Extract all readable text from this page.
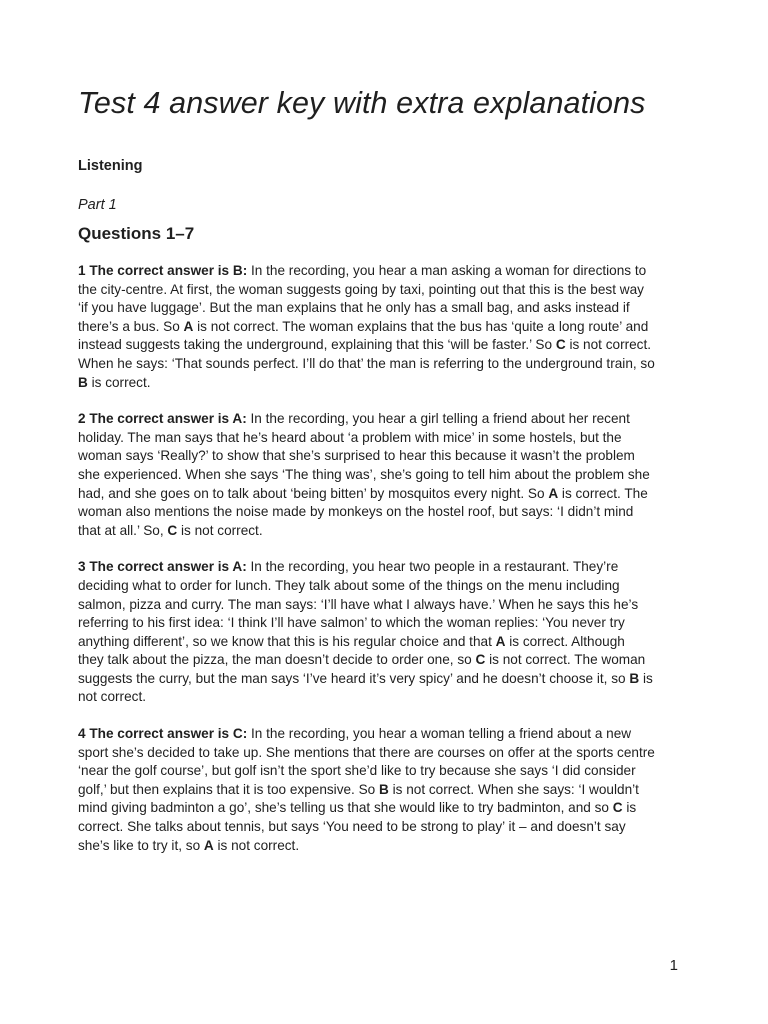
Test 4 answer key with extra explanations
Listening

Part 1

Questions 1–7

1 The correct answer is B: In the recording, you hear a man asking a woman for directions to
the city-centre. At first, the woman suggests going by taxi, pointing out that this is the best way
‘if you have luggage’. But the man explains that he only has a small bag, and asks instead if
there’s a bus. So A is not correct. The woman explains that the bus has ‘quite a long route’ and
instead suggests taking the underground, explaining that this ‘will be faster.’ So C is not correct.
When he says: ‘That sounds perfect. I’ll do that’ the man is referring to the underground train, so
B is correct.

2 The correct answer is A: In the recording, you hear a girl telling a friend about her recent
holiday. The man says that he’s heard about ‘a problem with mice’ in some hostels, but the
woman says ‘Really?’ to show that she’s surprised to hear this because it wasn’t the problem
she experienced. When she says ‘The thing was’, she’s going to tell him about the problem she
had, and she goes on to talk about ‘being bitten’ by mosquitos every night. So A is correct. The
woman also mentions the noise made by monkeys on the hostel roof, but says: ‘I didn’t mind
that at all.’ So, C is not correct.

3 The correct answer is A: In the recording, you hear two people in a restaurant. They’re
deciding what to order for lunch. They talk about some of the things on the menu including
salmon, pizza and curry. The man says: ‘I’ll have what I always have.’ When he says this he’s
referring to his first idea: ‘I think I’ll have salmon’ to which the woman replies: ‘You never try
anything different’, so we know that this is his regular choice and that A is correct. Although
they talk about the pizza, the man doesn’t decide to order one, so C is not correct. The woman
suggests the curry, but the man says ‘I’ve heard it’s very spicy’ and he doesn’t choose it, so B is
not correct.

4 The correct answer is C: In the recording, you hear a woman telling a friend about a new
sport she’s decided to take up. She mentions that there are courses on offer at the sports centre
‘near the golf course’, but golf isn’t the sport she’d like to try because she says ‘I did consider
golf,’ but then explains that it is too expensive. So B is not correct. When she says: ‘I wouldn’t
mind giving badminton a go’, she’s telling us that she would like to try badminton, and so C is
correct. She talks about tennis, but says ‘You need to be strong to play’ it – and doesn’t say
she’s like to try it, so A is not correct.

1
